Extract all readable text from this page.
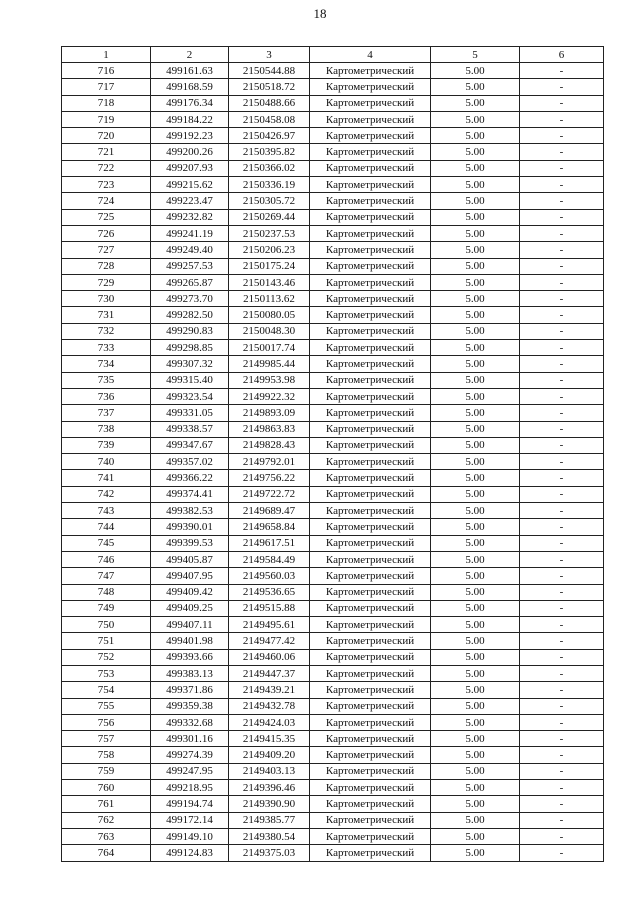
18
1	2	3	4	5	6
716	499161.63	2150544.88	Картометрический	5.00	-
717	499168.59	2150518.72	Картометрический	5.00	-
718	499176.34	2150488.66	Картометрический	5.00	-
719	499184.22	2150458.08	Картометрический	5.00	-
720	499192.23	2150426.97	Картометрический	5.00	-
721	499200.26	2150395.82	Картометрический	5.00	-
722	499207.93	2150366.02	Картометрический	5.00	-
723	499215.62	2150336.19	Картометрический	5.00	-
724	499223.47	2150305.72	Картометрический	5.00	-
725	499232.82	2150269.44	Картометрический	5.00	-
726	499241.19	2150237.53	Картометрический	5.00	-
727	499249.40	2150206.23	Картометрический	5.00	-
728	499257.53	2150175.24	Картометрический	5.00	-
729	499265.87	2150143.46	Картометрический	5.00	-
730	499273.70	2150113.62	Картометрический	5.00	-
731	499282.50	2150080.05	Картометрический	5.00	-
732	499290.83	2150048.30	Картометрический	5.00	-
733	499298.85	2150017.74	Картометрический	5.00	-
734	499307.32	2149985.44	Картометрический	5.00	-
735	499315.40	2149953.98	Картометрический	5.00	-
736	499323.54	2149922.32	Картометрический	5.00	-
737	499331.05	2149893.09	Картометрический	5.00	-
738	499338.57	2149863.83	Картометрический	5.00	-
739	499347.67	2149828.43	Картометрический	5.00	-
740	499357.02	2149792.01	Картометрический	5.00	-
741	499366.22	2149756.22	Картометрический	5.00	-
742	499374.41	2149722.72	Картометрический	5.00	-
743	499382.53	2149689.47	Картометрический	5.00	-
744	499390.01	2149658.84	Картометрический	5.00	-
745	499399.53	2149617.51	Картометрический	5.00	-
746	499405.87	2149584.49	Картометрический	5.00	-
747	499407.95	2149560.03	Картометрический	5.00	-
748	499409.42	2149536.65	Картометрический	5.00	-
749	499409.25	2149515.88	Картометрический	5.00	-
750	499407.11	2149495.61	Картометрический	5.00	-
751	499401.98	2149477.42	Картометрический	5.00	-
752	499393.66	2149460.06	Картометрический	5.00	-
753	499383.13	2149447.37	Картометрический	5.00	-
754	499371.86	2149439.21	Картометрический	5.00	-
755	499359.38	2149432.78	Картометрический	5.00	-
756	499332.68	2149424.03	Картометрический	5.00	-
757	499301.16	2149415.35	Картометрический	5.00	-
758	499274.39	2149409.20	Картометрический	5.00	-
759	499247.95	2149403.13	Картометрический	5.00	-
760	499218.95	2149396.46	Картометрический	5.00	-
761	499194.74	2149390.90	Картометрический	5.00	-
762	499172.14	2149385.77	Картометрический	5.00	-
763	499149.10	2149380.54	Картометрический	5.00	-
764	499124.83	2149375.03	Картометрический	5.00	-
